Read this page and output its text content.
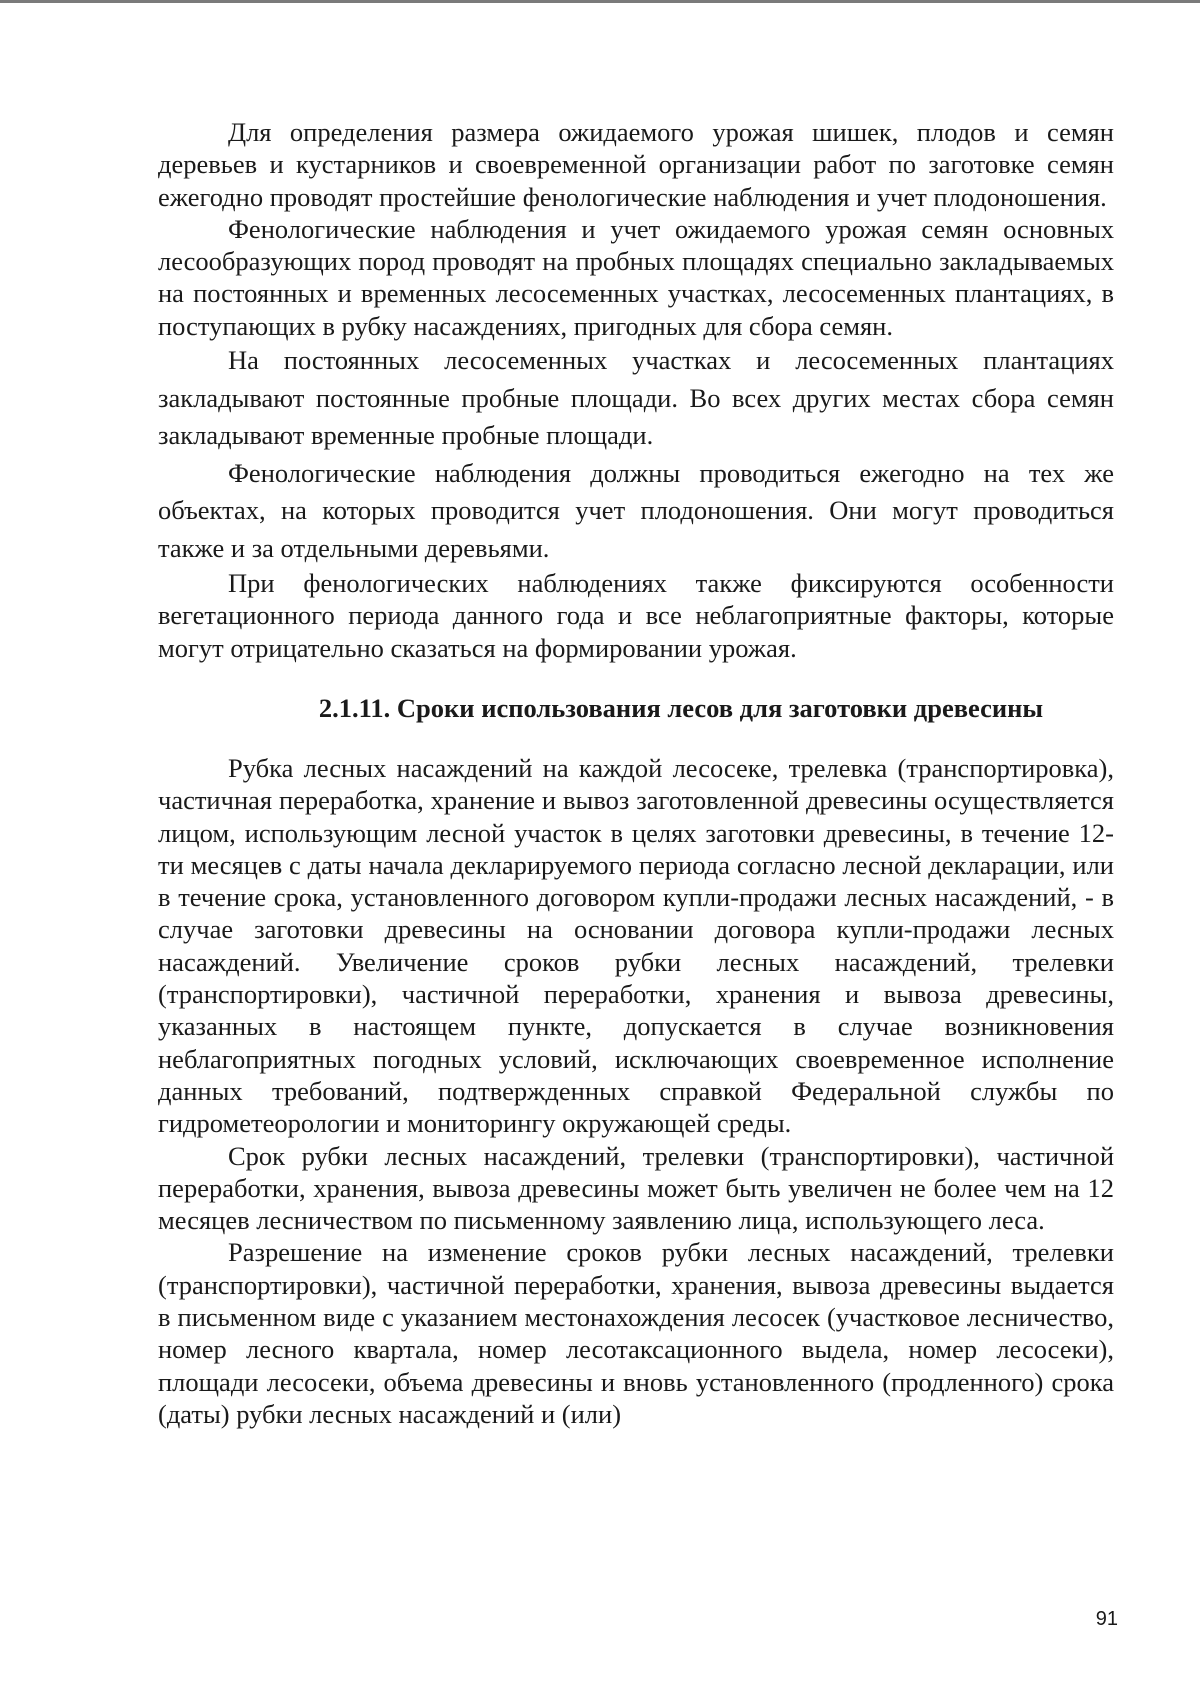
Для определения размера ожидаемого урожая шишек, плодов и семян деревьев и кустарников и своевременной организации работ по заготовке семян ежегодно проводят простейшие фенологические наблюдения и учет плодоношения.

Фенологические наблюдения и учет ожидаемого урожая семян основных лесообразующих пород проводят на пробных площадях специально закладываемых на постоянных и временных лесосеменных участках, лесосеменных плантациях, в поступающих в рубку насаждениях, пригодных для сбора семян.

На постоянных лесосеменных участках и лесосеменных плантациях закладывают постоянные пробные площади. Во всех других местах сбора семян закладывают временные пробные площади.

Фенологические наблюдения должны проводиться ежегодно на тех же объектах, на которых проводится учет плодоношения. Они могут проводиться также и за отдельными деревьями.

При фенологических наблюдениях также фиксируются особенности вегетационного периода данного года и все неблагоприятные факторы, которые могут отрицательно сказаться на формировании урожая.

2.1.11. Сроки использования лесов для заготовки древесины

Рубка лесных насаждений на каждой лесосеке, трелевка (транспортировка), частичная переработка, хранение и вывоз заготовленной древесины осуществляется лицом, использующим лесной участок в целях заготовки древесины, в течение 12-ти месяцев с даты начала декларируемого периода согласно лесной декларации, или в течение срока, установленного договором купли-продажи лесных насаждений, - в случае заготовки древесины на основании договора купли-продажи лесных насаждений. Увеличение сроков рубки лесных насаждений, трелевки (транспортировки), частичной переработки, хранения и вывоза древесины, указанных в настоящем пункте, допускается в случае возникновения неблагоприятных погодных условий, исключающих своевременное исполнение данных требований, подтвержденных справкой Федеральной службы по гидрометеорологии и мониторингу окружающей среды.

Срок рубки лесных насаждений, трелевки (транспортировки), частичной переработки, хранения, вывоза древесины может быть увеличен не более чем на 12 месяцев лесничеством по письменному заявлению лица, использующего леса.

Разрешение на изменение сроков рубки лесных насаждений, трелевки (транспортировки), частичной переработки, хранения, вывоза древесины выдается в письменном виде с указанием местонахождения лесосек (участковое лесничество, номер лесного квартала, номер лесотаксационного выдела, номер лесосеки), площади лесосеки, объема древесины и вновь установленного (продленного) срока (даты) рубки лесных насаждений и (или)

91
